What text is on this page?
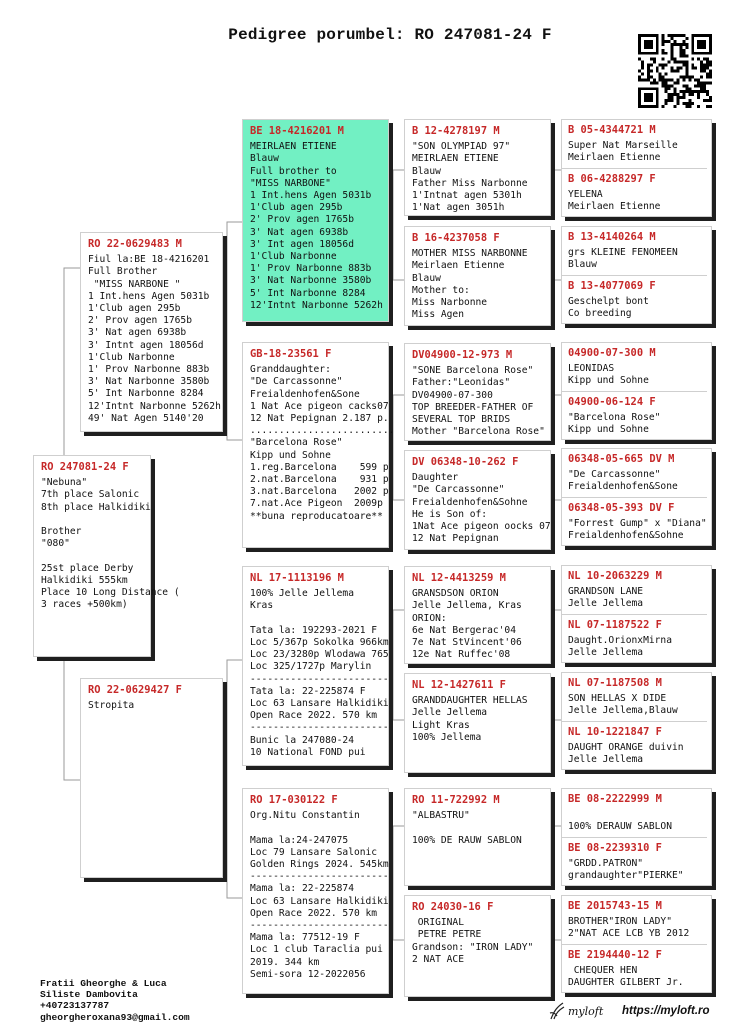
Pedigree porumbel: RO 247081-24 F
RO 247081-24 F
"Nebuna"
7th place Salonic
8th place Halkidiki
Brother
"080"
25st place Derby
Halkidiki 555km
Place 10 Long Distance (
3 races +500km)
RO 22-0629483 M
Fiul la:BE 18-4216201
Full Brother
"MISS NARBONE "
1 Int.hens Agen 5031b
1'Club agen 295b
2' Prov agen 1765b
3' Nat agen 6938b
3' Intnt agen 18056d
1'Club Narbonne
1' Prov Narbonne 883b
3' Nat Narbonne 3580b
5' Int Narbonne 8284
12'Intnt Narbonne 5262h
49' Nat Agen 5140'20
RO 22-0629427 F
Stropita
BE 18-4216201 M
MEIRLAEN ETIENE
Blauw
Full brother to
"MISS NARBONE"
1 Int.hens Agen 5031b
1'Club agen 295b
2' Prov agen 1765b
3' Nat agen 6938b
3' Int agen 18056d
1'Club Narbonne
1' Prov Narbonne 883b
3' Nat Narbonne 3580b
5' Int Narbonne 8284
12'Intnt Narbonne 5262h
GB-18-23561 F
Granddaughter:
"De Carcassonne"
Freialdenhofen&Sone
1 Nat Ace pigeon cacks07
12 Nat Pepignan 2.187 p.
.........................
"Barcelona Rose"
Kipp und Sohne
1.reg.Barcelona    599 p
2.nat.Barcelona    931 p
3.nat.Barcelona   2002 p
7.nat.Ace Pigeon  2009p
**buna reproducatoare**
NL 17-1113196 M
100% Jelle Jellema
Kras
Tata la: 192293-2021 F
Loc 5/367p Sokolka 966km
Loc 23/3280p Wlodawa 765
Loc 325/1727p Marylin
------------------------
Tata la: 22-225874 F
Loc 63 Lansare Halkidiki
Open Race 2022. 570 km
------------------------
Bunic la 247080-24
10 National FOND pui
RO 17-030122 F
Org.Nitu Constantin
Mama la:24-247075
Loc 79 Lansare Salonic
Golden Rings 2024. 545km
------------------------
Mama la: 22-225874
Loc 63 Lansare Halkidiki
Open Race 2022. 570 km
------------------------
Mama la: 77512-19 F
Loc 1 club Taraclia pui
2019. 344 km
Semi-sora 12-2022056
B 12-4278197 M
"SON OLYMPIAD 97"
MEIRLAEN ETIENE
Blauw
Father Miss Narbonne
1'Intnat agen 5301h
1'Nat agen 3051h
B 16-4237058 F
MOTHER MISS NARBONNE
Meirlaen Etienne
Blauw
Mother to:
Miss Narbonne
Miss Agen
DV04900-12-973 M
"SONE Barcelona Rose"
Father:"Leonidas"
DV04900-07-300
TOP BREEDER-FATHER OF
SEVERAL TOP BRIDS
Mother "Barcelona Rose"
DV 06348-10-262 F
Daughter
"De Carcassonne"
Freialdenhofen&Sohne
He is Son of:
1Nat Ace pigeon oocks 07
12 Nat Pepignan
NL 12-4413259 M
GRANSDSON ORION
Jelle Jellema, Kras
ORION:
6e Nat Bergerac'04
7e Nat StVincent'06
12e Nat Ruffec'08
NL 12-1427611 F
GRANDDAUGHTER HELLAS
Jelle Jellema
Light Kras
100% Jellema
RO 11-722992 M
"ALBASTRU"
100% DE RAUW SABLON
RO 24030-16 F
ORIGINAL
PETRE PETRE
Grandson: "IRON LADY"
2 NAT ACE
B 05-4344721 M
Super Nat Marseille
Meirlaen Etienne
B 06-4288297 F
YELENA
Meirlaen Etienne
B 13-4140264 M
grs KLEINE FENOMEEN
Blauw
B 13-4077069 F
Geschelpt bont
Co breeding
04900-07-300 M
LEONIDAS
Kipp und Sohne
04900-06-124 F
"Barcelona Rose"
Kipp und Sohne
06348-05-665 DV M
"De Carcassonne"
Freialdenhofen&Sone
06348-05-393 DV F
"Forrest Gump" x "Diana"
Freialdenhofen&Sohne
NL 10-2063229 M
GRANDSON LANE
Jelle Jellema
NL 07-1187522 F
Daught.OrionxMirna
Jelle Jellema
NL 07-1187508 M
SON HELLAS X DIDE
Jelle Jellema,Blauw
NL 10-1221847 F
DAUGHT ORANGE duivin
Jelle Jellema
BE 08-2222999 M
100% DERAUW SABLON
BE 08-2239310 F
"GRDD.PATRON"
grandaughter"PIERKE"
BE 2015743-15 M
BROTHER"IRON LADY"
2"NAT ACE LCB YB 2012
BE 2194440-12 F
CHEQUER HEN
DAUGHTER GILBERT Jr.
Fratii Gheorghe & Luca
Siliste Dambovita
+40723137787
gheorgheroxana93@gmail.com	myloft https://myloft.ro
